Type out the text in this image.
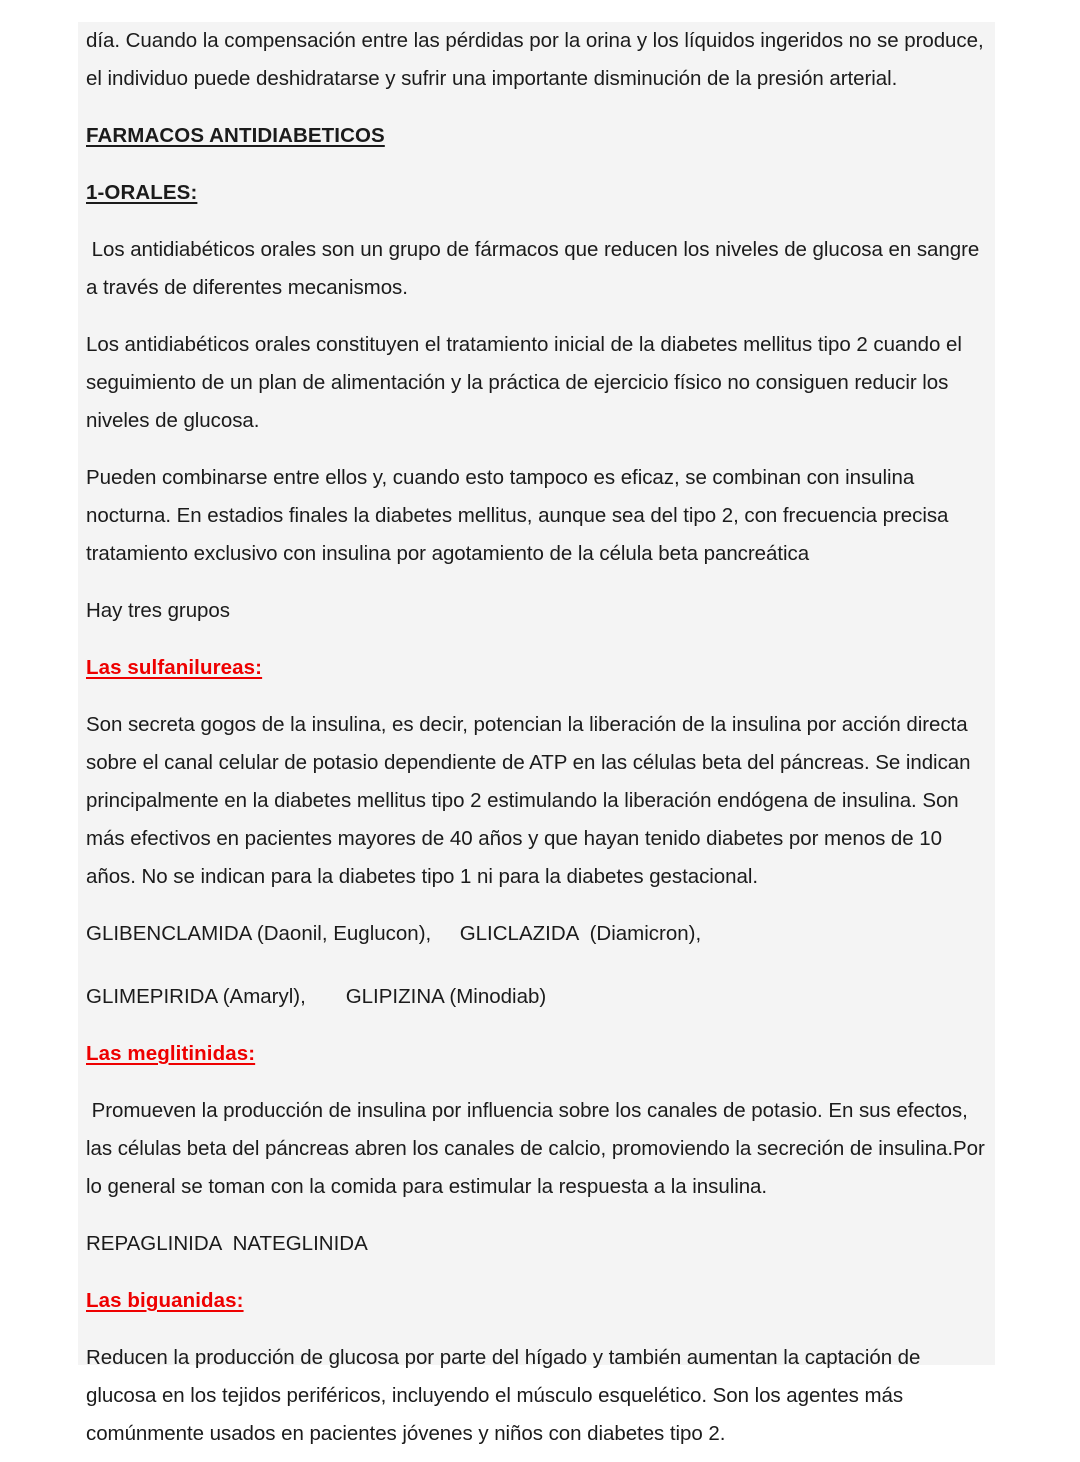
día. Cuando la compensación entre las pérdidas por la orina y los líquidos ingeridos no se produce, el individuo puede deshidratarse y sufrir una importante disminución de la presión arterial.

FARMACOS ANTIDIABETICOS

1-ORALES:

Los antidiabéticos orales son un grupo de fármacos que reducen los niveles de glucosa en sangre a través de diferentes mecanismos.

Los antidiabéticos orales constituyen el tratamiento inicial de la diabetes mellitus tipo 2 cuando el seguimiento de un plan de alimentación y la práctica de ejercicio físico no consiguen reducir los niveles de glucosa.

Pueden combinarse entre ellos y, cuando esto tampoco es eficaz, se combinan con insulina nocturna. En estadios finales la diabetes mellitus, aunque sea del tipo 2, con frecuencia precisa tratamiento exclusivo con insulina por agotamiento de la célula beta pancreática

Hay tres grupos

Las sulfanilureas:

Son secreta gogos de la insulina, es decir, potencian la liberación de la insulina por acción directa sobre el canal celular de potasio dependiente de ATP en las células beta del páncreas. Se indican principalmente en la diabetes mellitus tipo 2 estimulando la liberación endógena de insulina. Son más efectivos en pacientes mayores de 40 años y que hayan tenido diabetes por menos de 10 años. No se indican para la diabetes tipo 1 ni para la diabetes gestacional.

GLIBENCLAMIDA (Daonil, Euglucon),     GLICLAZIDA  (Diamicron),

GLIMEPIRIDA (Amaryl),       GLIPIZINA (Minodiab)

Las meglitinidas:

Promueven la producción de insulina por influencia sobre los canales de potasio. En sus efectos, las células beta del páncreas abren los canales de calcio, promoviendo la secreción de insulina.Por lo general se toman con la comida para estimular la respuesta a la insulina.

REPAGLINIDA  NATEGLINIDA

Las biguanidas:

Reducen la producción de glucosa por parte del hígado y también aumentan la captación de glucosa en los tejidos periféricos, incluyendo el músculo esquelético. Son los agentes más comúnmente usados en pacientes jóvenes y niños con diabetes tipo 2.
